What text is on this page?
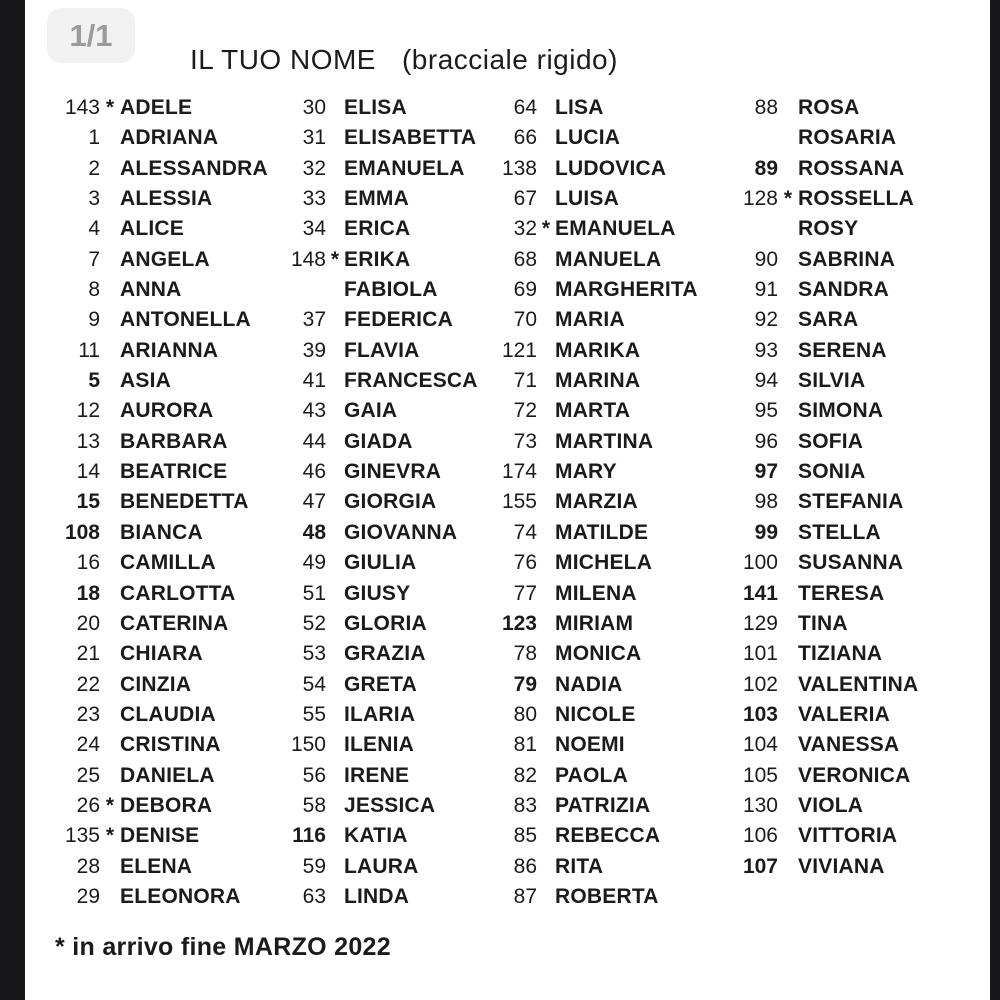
1/1
IL TUO NOME (bracciale rigido)
143 * ADELE
1 ADRIANA
2 ALESSANDRA
3 ALESSIA
4 ALICE
7 ANGELA
8 ANNA
9 ANTONELLA
11 ARIANNA
5 ASIA
12 AURORA
13 BARBARA
14 BEATRICE
15 BENEDETTA
108 BIANCA
16 CAMILLA
18 CARLOTTA
20 CATERINA
21 CHIARA
22 CINZIA
23 CLAUDIA
24 CRISTINA
25 DANIELA
26 * DEBORA
135 * DENISE
28 ELENA
29 ELEONORA
30 ELISA
31 ELISABETTA
32 EMANUELA
33 EMMA
34 ERICA
148 * ERIKA
FABIOLA
37 FEDERICA
39 FLAVIA
41 FRANCESCA
43 GAIA
44 GIADA
46 GINEVRA
47 GIORGIA
48 GIOVANNA
49 GIULIA
51 GIUSY
52 GLORIA
53 GRAZIA
54 GRETA
55 ILARIA
150 ILENIA
56 IRENE
58 JESSICA
116 KATIA
59 LAURA
63 LINDA
64 LISA
66 LUCIA
138 LUDOVICA
67 LUISA
32 * EMANUELA
68 MANUELA
69 MARGHERITA
70 MARIA
121 MARIKA
71 MARINA
72 MARTA
73 MARTINA
174 MARY
155 MARZIA
74 MATILDE
76 MICHELA
77 MILENA
123 MIRIAM
78 MONICA
79 NADIA
80 NICOLE
81 NOEMI
82 PAOLA
83 PATRIZIA
85 REBECCA
86 RITA
87 ROBERTA
88 ROSA
ROSARIA
89 ROSSANA
128 * ROSSELLA
ROSY
90 SABRINA
91 SANDRA
92 SARA
93 SERENA
94 SILVIA
95 SIMONA
96 SOFIA
97 SONIA
98 STEFANIA
99 STELLA
100 SUSANNA
141 TERESA
129 TINA
101 TIZIANA
102 VALENTINA
103 VALERIA
104 VANESSA
105 VERONICA
130 VIOLA
106 VITTORIA
107 VIVIANA
* in arrivo fine MARZO 2022
